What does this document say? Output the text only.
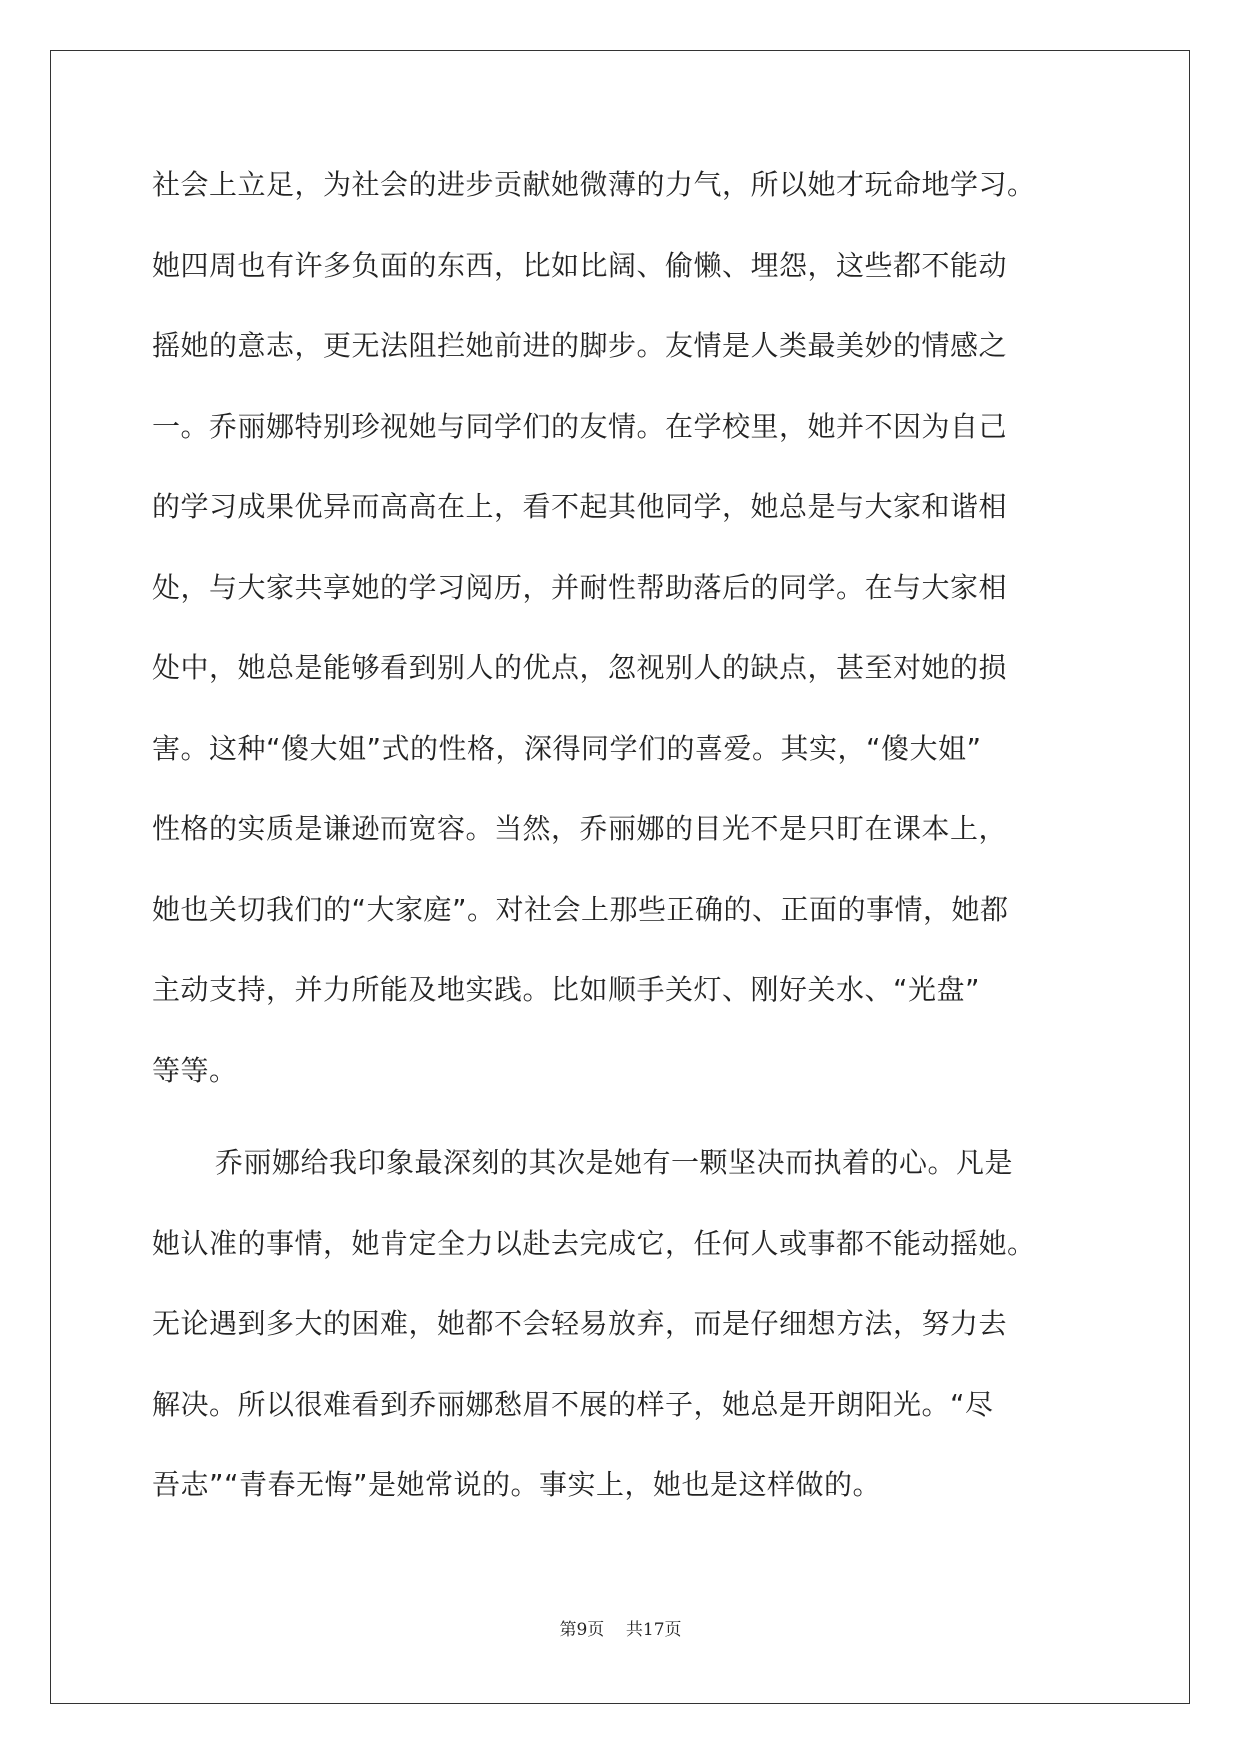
社会上立足，为社会的进步贡献她微薄的力气，所以她才玩命地学习。
她四周也有许多负面的东西，比如比阔、偷懒、埋怨，这些都不能动
摇她的意志，更无法阻拦她前进的脚步。友情是人类最美妙的情感之
一。乔丽娜特别珍视她与同学们的友情。在学校里，她并不因为自己
的学习成果优异而高高在上，看不起其他同学，她总是与大家和谐相
处，与大家共享她的学习阅历，并耐性帮助落后的同学。在与大家相
处中，她总是能够看到别人的优点，忽视别人的缺点，甚至对她的损
害。这种“傻大姐”式的性格，深得同学们的喜爱。其实，“傻大姐”
性格的实质是谦逊而宽容。当然，乔丽娜的目光不是只盯在课本上，
她也关切我们的“大家庭”。对社会上那些正确的、正面的事情，她都
主动支持，并力所能及地实践。比如顺手关灯、刚好关水、“光盘”
等等。
乔丽娜给我印象最深刻的其次是她有一颗坚决而执着的心。凡是
她认准的事情，她肯定全力以赴去完成它，任何人或事都不能动摇她。
无论遇到多大的困难，她都不会轻易放弃，而是仔细想方法，努力去
解决。所以很难看到乔丽娜愁眉不展的样子，她总是开朗阳光。“尽
吾志”“青春无悔”是她常说的。事实上，她也是这样做的。
第9页 共17页
